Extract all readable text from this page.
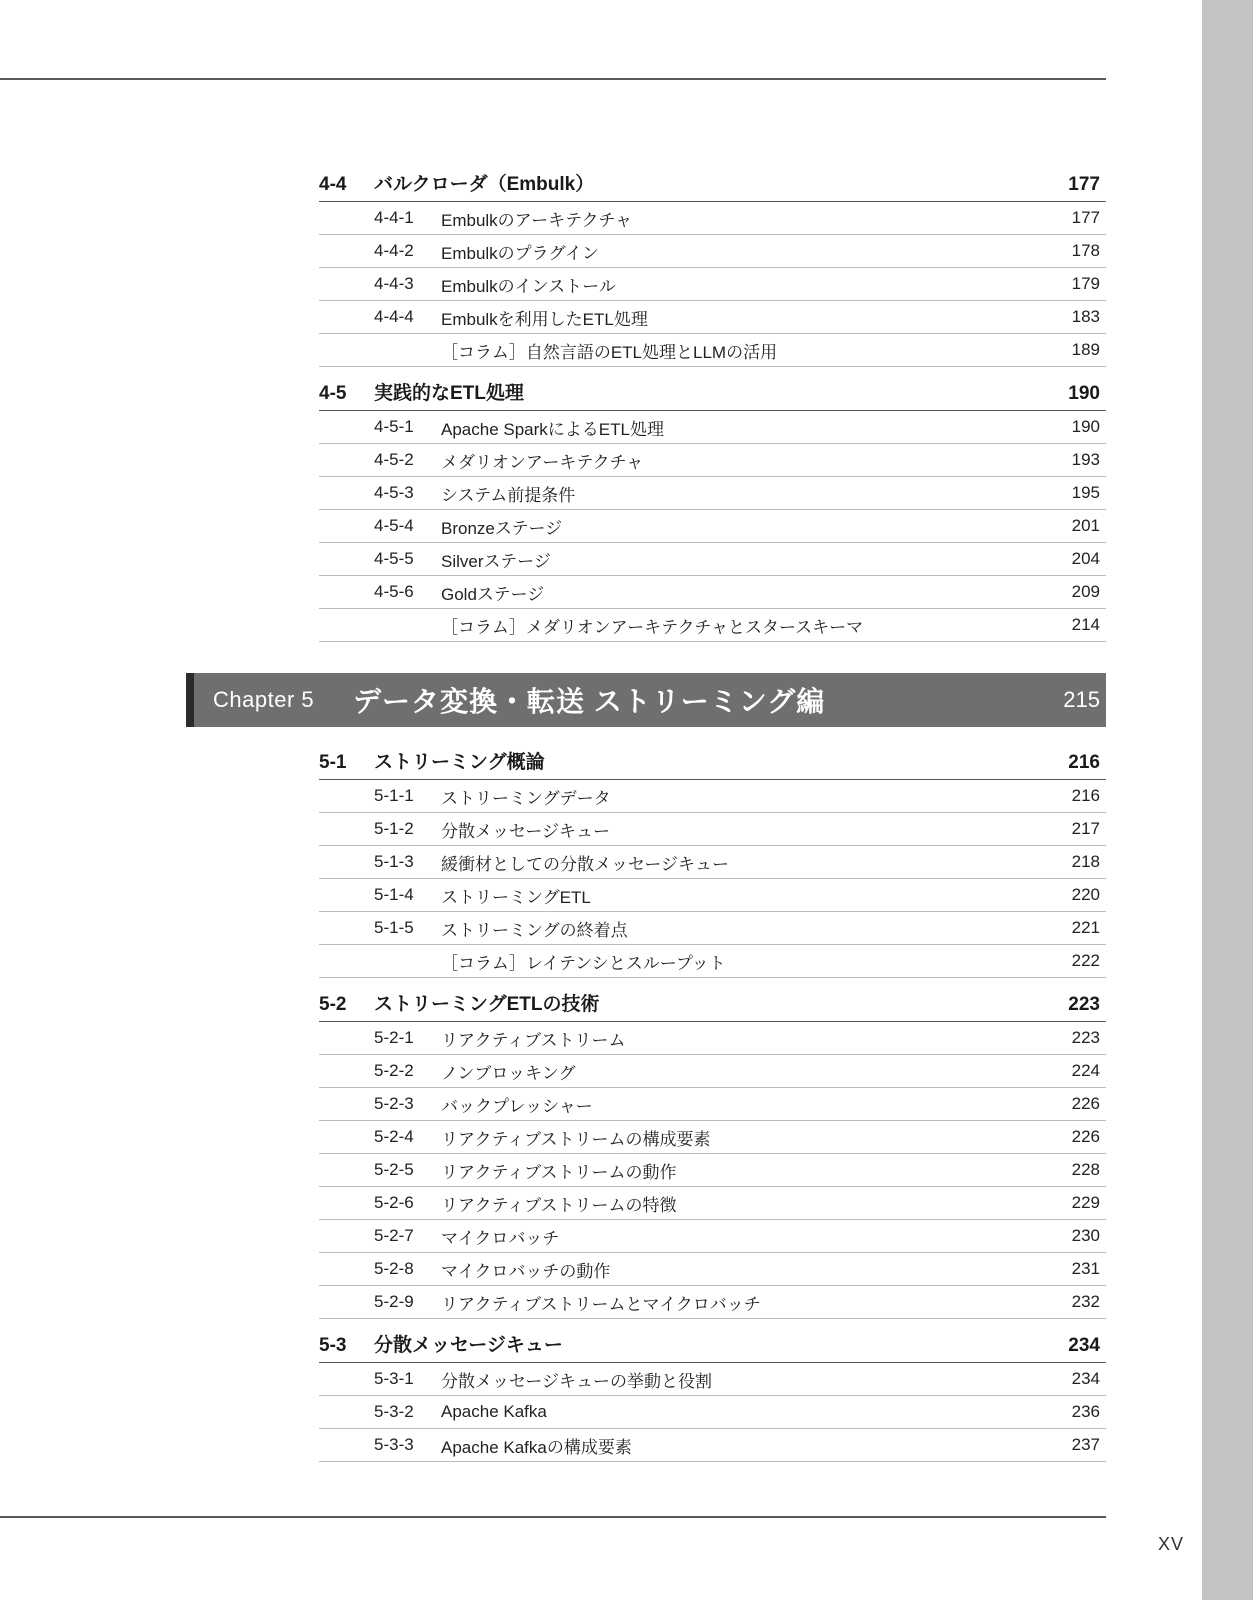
4-4	バルクローダ（Embulk）	177
4-4-1	Embulkのアーキテクチャ	177
4-4-2	Embulkのプラグイン	178
4-4-3	Embulkのインストール	179
4-4-4	Embulkを利用したETL処理	183
［コラム］自然言語のETL処理とLLMの活用	189
4-5	実践的なETL処理	190
4-5-1	Apache SparkによるETL処理	190
4-5-2	メダリオンアーキテクチャ	193
4-5-3	システム前提条件	195
4-5-4	Bronzeステージ	201
4-5-5	Silverステージ	204
4-5-6	Goldステージ	209
［コラム］メダリオンアーキテクチャとスタースキーマ	214
Chapter 5	データ変換・転送 ストリーミング編	215
5-1	ストリーミング概論	216
5-1-1	ストリーミングデータ	216
5-1-2	分散メッセージキュー	217
5-1-3	緩衝材としての分散メッセージキュー	218
5-1-4	ストリーミングETL	220
5-1-5	ストリーミングの終着点	221
［コラム］レイテンシとスループット	222
5-2	ストリーミングETLの技術	223
5-2-1	リアクティブストリーム	223
5-2-2	ノンブロッキング	224
5-2-3	バックプレッシャー	226
5-2-4	リアクティブストリームの構成要素	226
5-2-5	リアクティブストリームの動作	228
5-2-6	リアクティブストリームの特徴	229
5-2-7	マイクロバッチ	230
5-2-8	マイクロバッチの動作	231
5-2-9	リアクティブストリームとマイクロバッチ	232
5-3	分散メッセージキュー	234
5-3-1	分散メッセージキューの挙動と役割	234
5-3-2	Apache Kafka	236
5-3-3	Apache Kafkaの構成要素	237
XV
